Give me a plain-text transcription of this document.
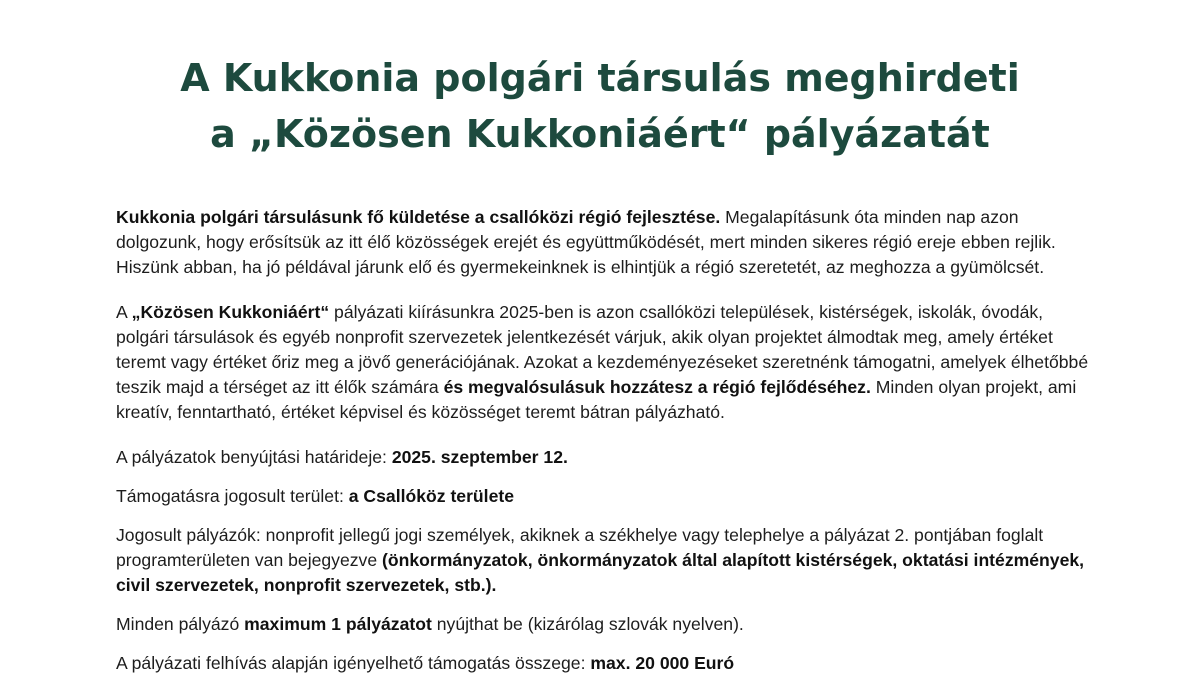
A Kukkonia polgári társulás meghirdeti
a „Közösen Kukkoniáért“ pályázatát

Kukkonia polgári társulásunk fő küldetése a csallóközi régió fejlesztése. Megalapításunk óta minden nap azon dolgozunk, hogy erősítsük az itt élő közösségek erejét és együttműködését, mert minden sikeres régió ereje ebben rejlik. Hiszünk abban, ha jó példával járunk elő és gyermekeinknek is elhintjük a régió szeretetét, az meghozza a gyümölcsét.

A „Közösen Kukkoniáért“ pályázati kiírásunkra 2025-ben is azon csallóközi települések, kistérségek, iskolák, óvodák, polgári társulások és egyéb nonprofit szervezetek jelentkezését várjuk, akik olyan projektet álmodtak meg, amely értéket teremt vagy értéket őriz meg a jövő generációjának. Azokat a kezdeményezéseket szeretnénk támogatni, amelyek élhetőbbé teszik majd a térséget az itt élők számára és megvalósulásuk hozzátesz a régió fejlődéséhez. Minden olyan projekt, ami kreatív, fenntartható, értéket képvisel és közösséget teremt bátran pályázható.

A pályázatok benyújtási határideje: 2025. szeptember 12.

Támogatásra jogosult terület: a Csallóköz területe

Jogosult pályázók: nonprofit jellegű jogi személyek, akiknek a székhelye vagy telephelye a pályázat 2. pontjában foglalt programterületen van bejegyezve (önkormányzatok, önkormányzatok által alapított kistérségek, oktatási intézmények, civil szervezetek, nonprofit szervezetek, stb.).

Minden pályázó maximum 1 pályázatot nyújthat be (kizárólag szlovák nyelven).

A pályázati felhívás alapján igényelhető támogatás összege: max. 20 000 Euró
